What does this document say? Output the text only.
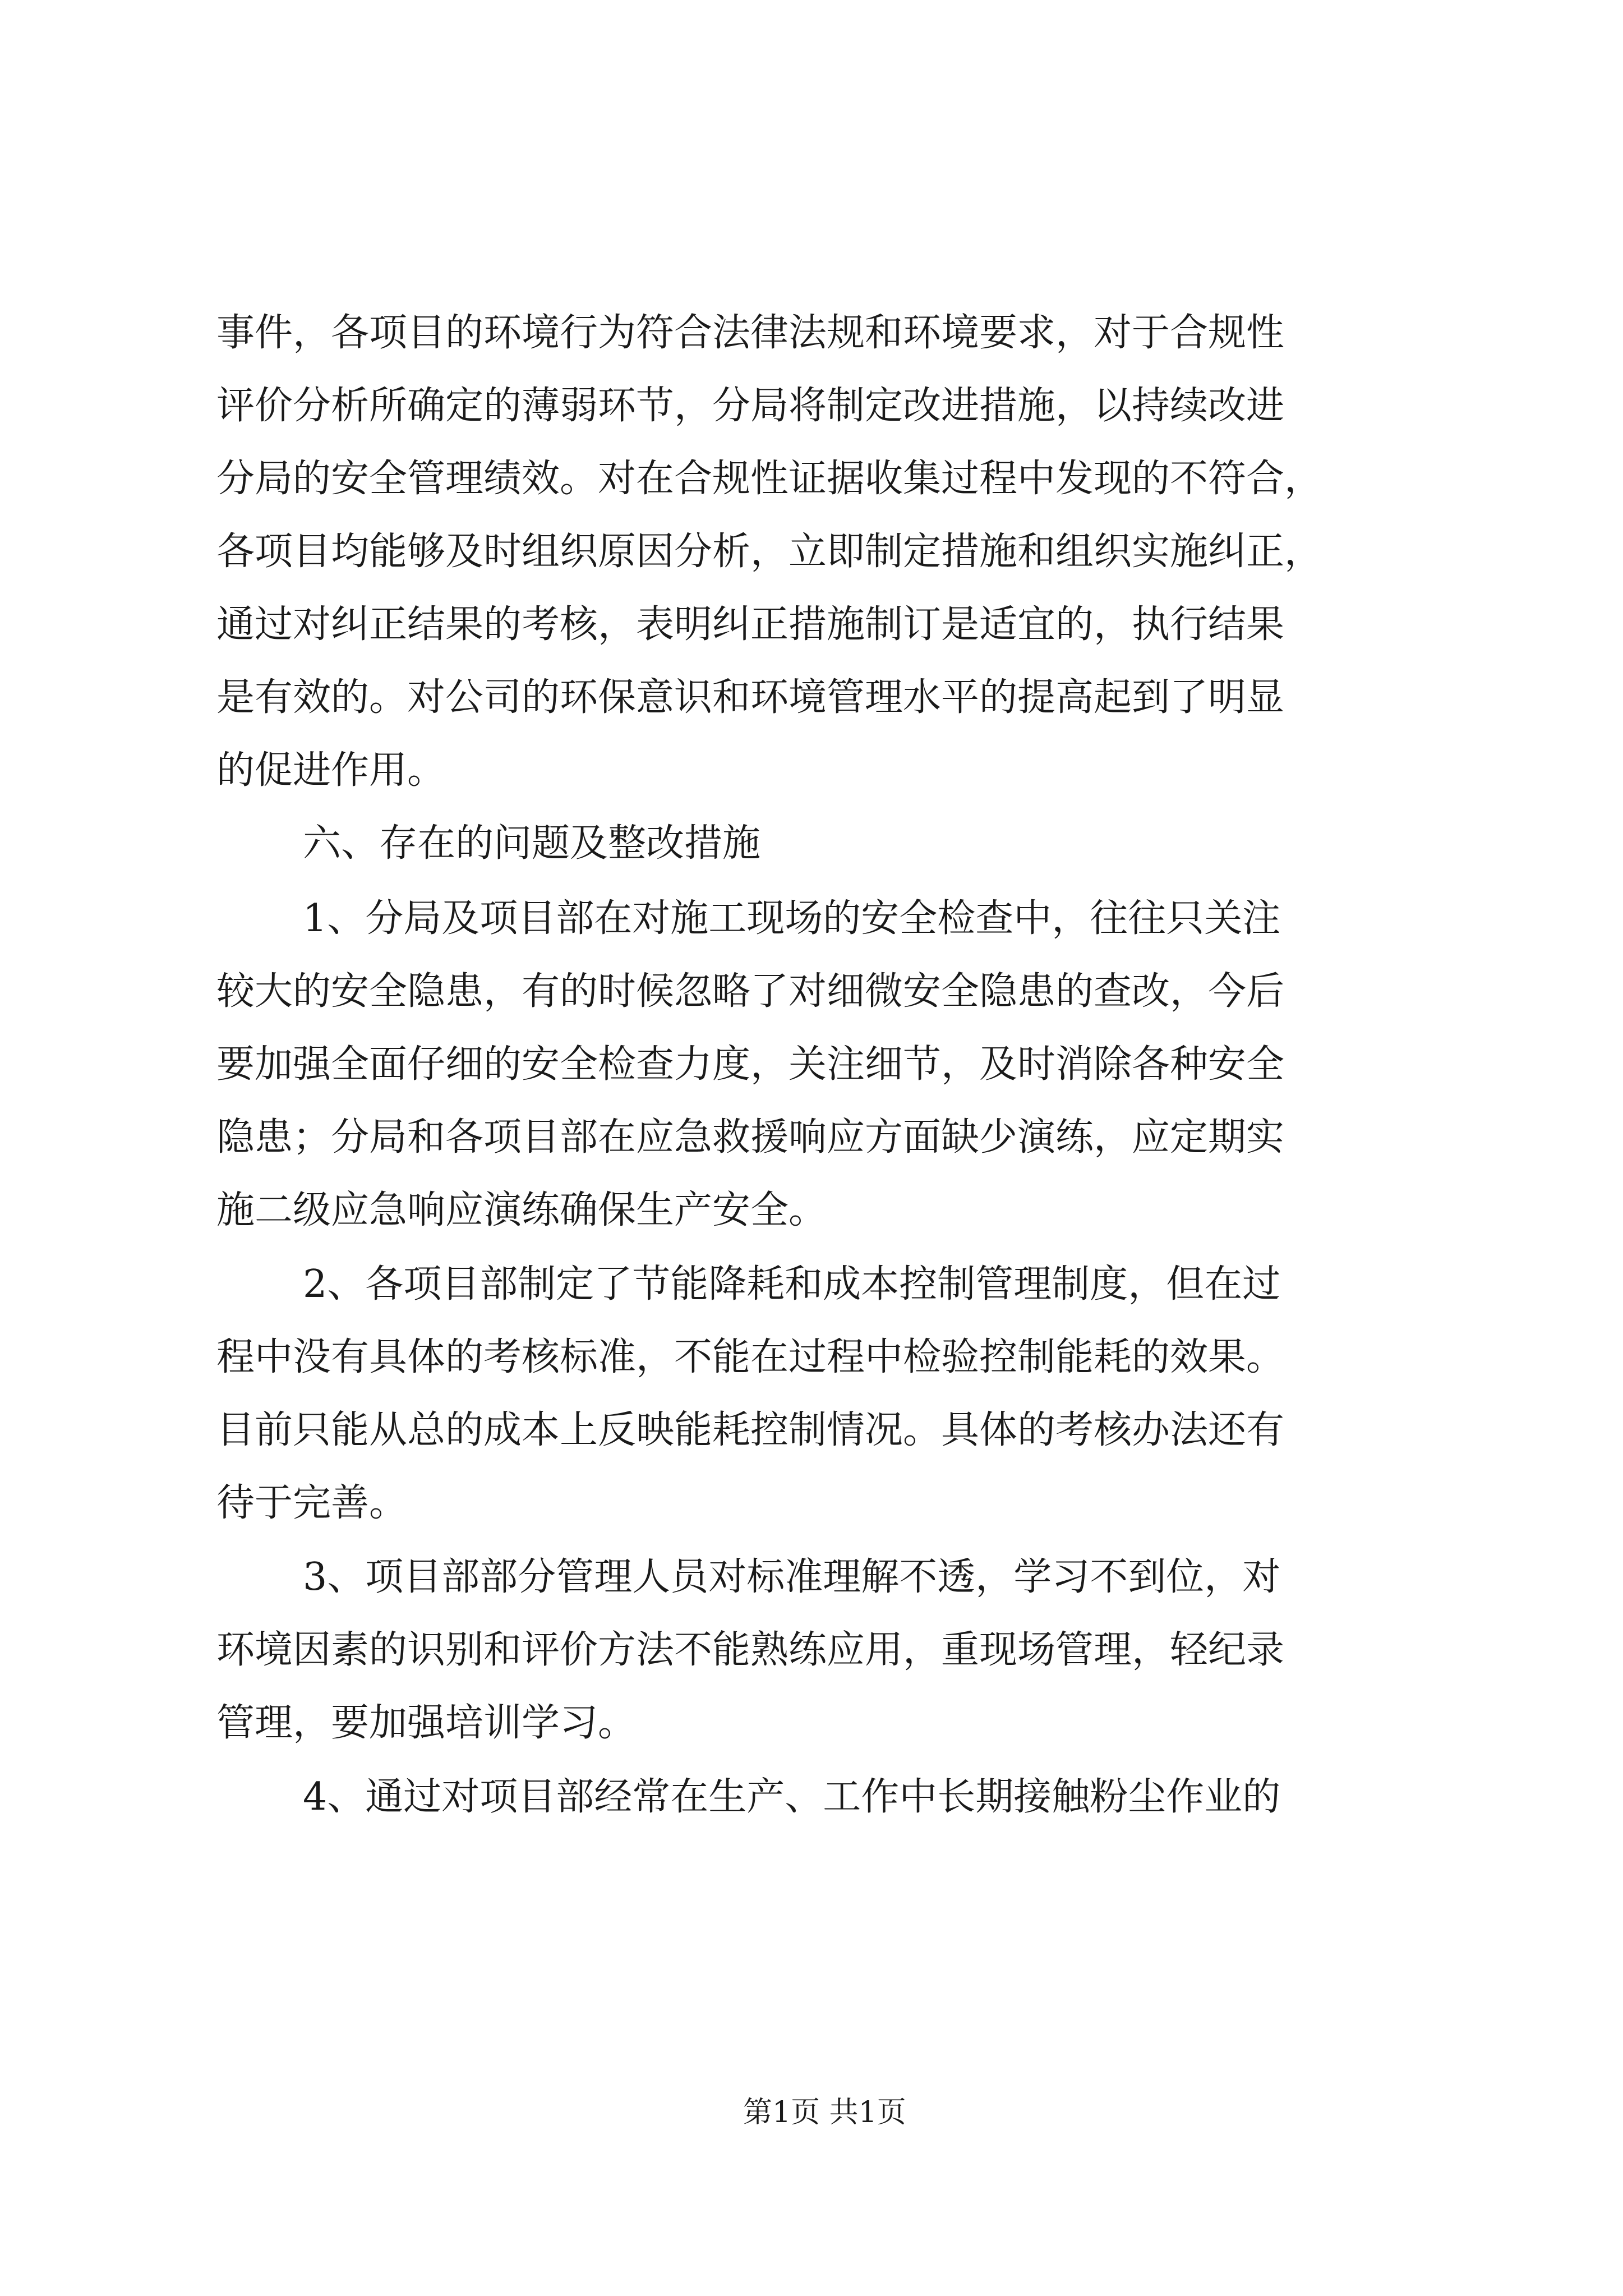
事件，各项目的环境行为符合法律法规和环境要求，对于合规性

评价分析所确定的薄弱环节，分局将制定改进措施，以持续改进

分局的安全管理绩效。对在合规性证据收集过程中发现的不符合，

各项目均能够及时组织原因分析，立即制定措施和组织实施纠正，

通过对纠正结果的考核，表明纠正措施制订是适宜的，执行结果

是有效的。对公司的环保意识和环境管理水平的提高起到了明显

的促进作用。

六、存在的问题及整改措施

1、分局及项目部在对施工现场的安全检查中，往往只关注

较大的安全隐患，有的时候忽略了对细微安全隐患的查改，今后

要加强全面仔细的安全检查力度，关注细节，及时消除各种安全

隐患；分局和各项目部在应急救援响应方面缺少演练，应定期实

施二级应急响应演练确保生产安全。

2、各项目部制定了节能降耗和成本控制管理制度，但在过

程中没有具体的考核标准，不能在过程中检验控制能耗的效果。

目前只能从总的成本上反映能耗控制情况。具体的考核办法还有

待于完善。

3、项目部部分管理人员对标准理解不透，学习不到位，对

环境因素的识别和评价方法不能熟练应用，重现场管理，轻纪录

管理，要加强培训学习。

4、通过对项目部经常在生产、工作中长期接触粉尘作业的

第1页 共1页
